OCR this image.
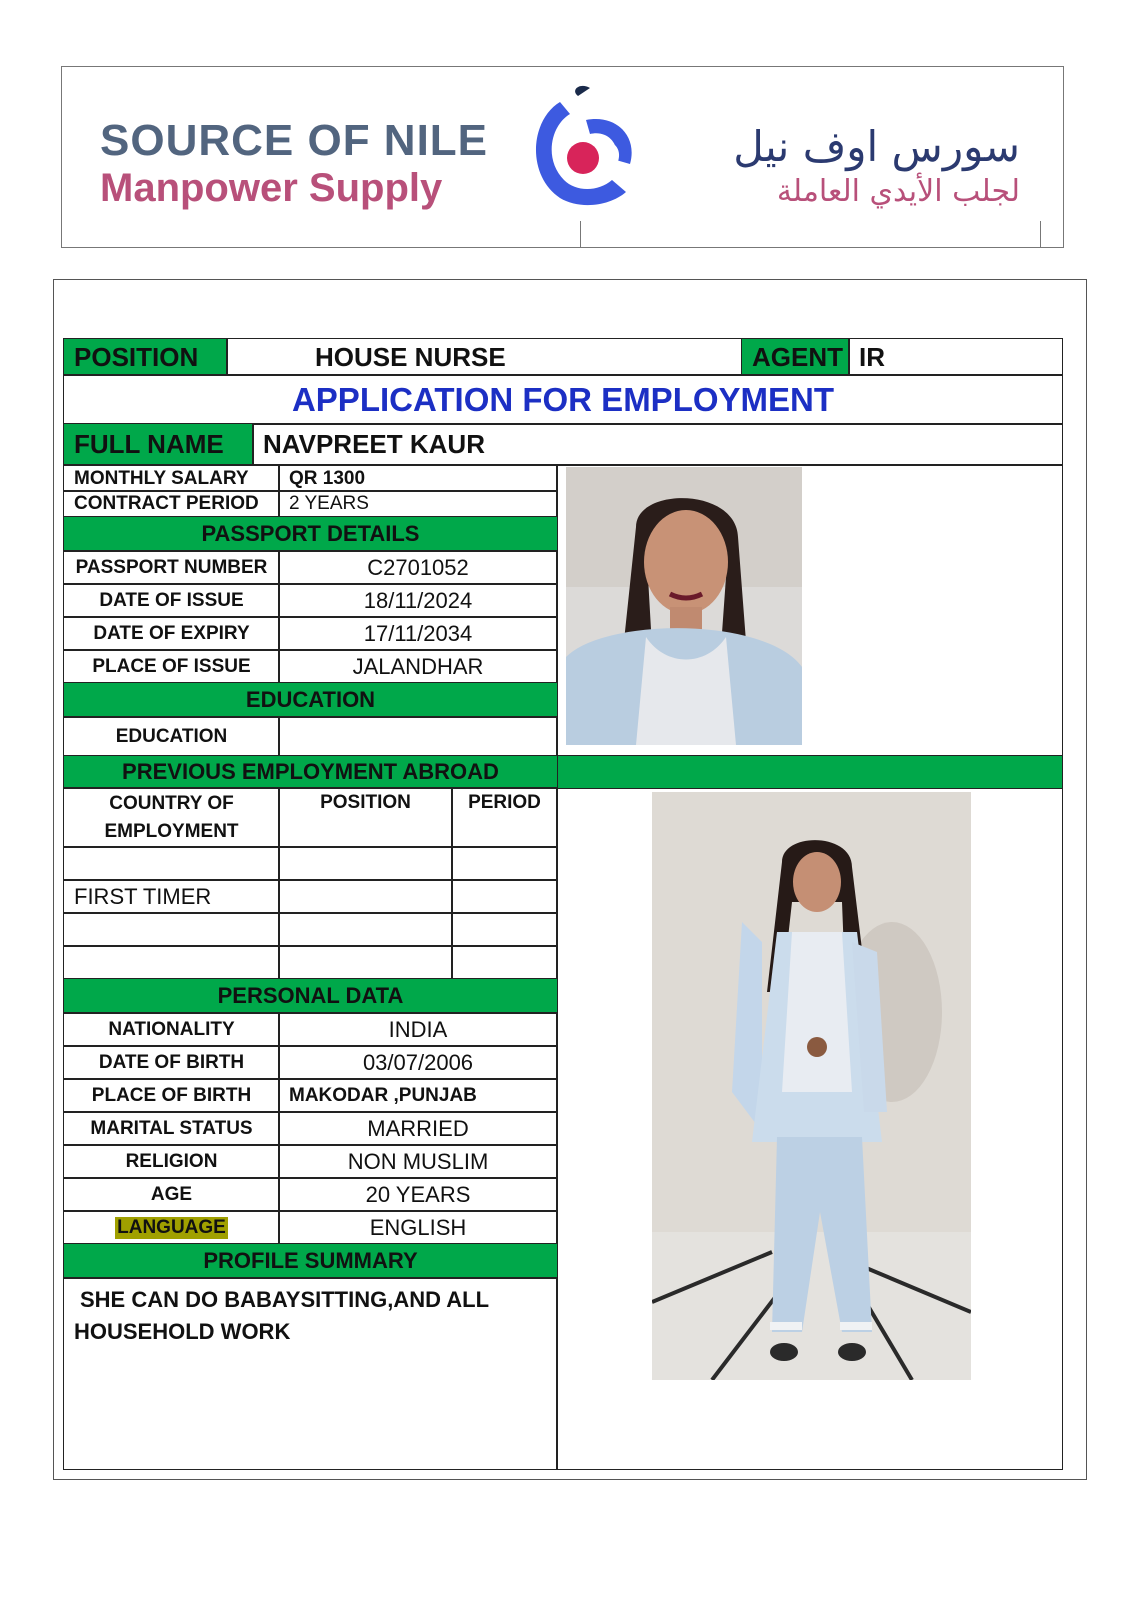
SOURCE OF NILE
Manpower Supply
سورس اوف نيل
لجلب الأيدي العاملة
POSITION	HOUSE NURSE	AGENT IR
APPLICATION FOR EMPLOYMENT
FULL NAME	NAVPREET KAUR
MONTHLY SALARY	QR 1300
CONTRACT PERIOD	2 YEARS
PASSPORT DETAILS
PASSPORT NUMBER	C2701052
DATE OF ISSUE	18/11/2024
DATE OF EXPIRY	17/11/2034
PLACE OF ISSUE	JALANDHAR
EDUCATION
EDUCATION
PREVIOUS EMPLOYMENT ABROAD
COUNTRY OF
EMPLOYMENT
POSITION	PERIOD
FIRST TIMER
PERSONAL DATA
NATIONALITY	INDIA
DATE OF BIRTH	03/07/2006
PLACE OF BIRTH	MAKODAR ,PUNJAB
MARITAL STATUS	MARRIED
RELIGION	NON MUSLIM
AGE	20 YEARS
LANGUAGE	ENGLISH
PROFILE SUMMARY
SHE CAN DO BABAYSITTING,AND ALL
HOUSEHOLD WORK
